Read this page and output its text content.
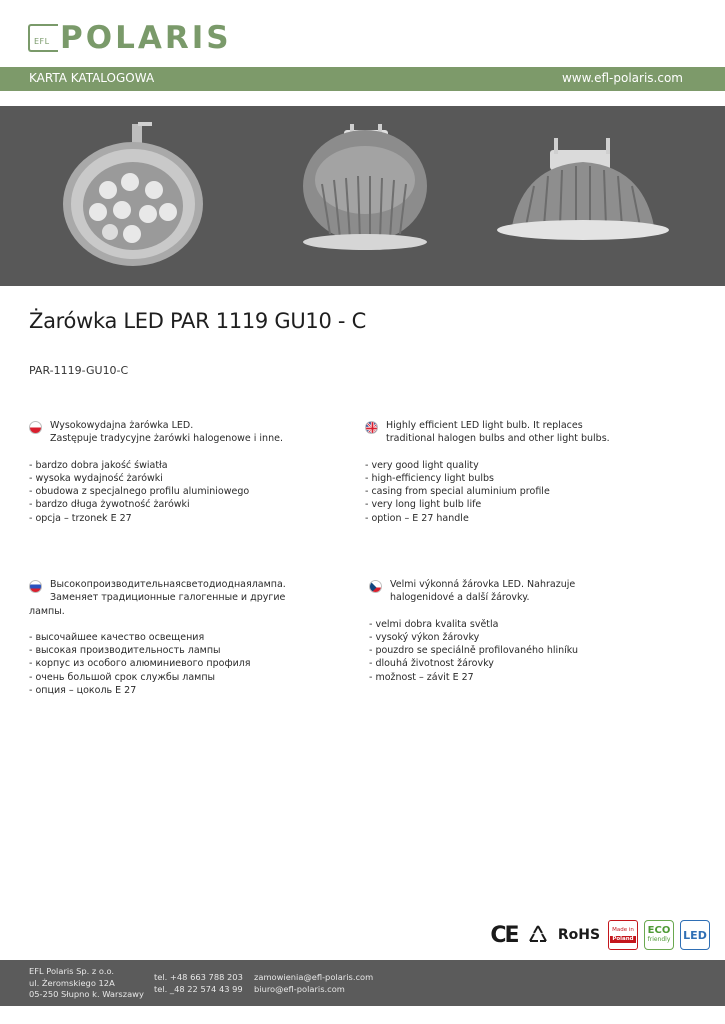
EFL POLARIS
KARTA KATALOGOWA	www.efl-polaris.com
Żarówka LED PAR 1119 GU10 - C
PAR-1119-GU10-C
Wysokowydajna żarówka LED.
Zastępuje tradycyjne żarówki halogenowe i inne.
- bardzo dobra jakość światła
- wysoka wydajność żarówki
- obudowa z specjalnego profilu aluminiowego
- bardzo długa żywotność żarówki
- opcja – trzonek E 27
Highly efficient LED light bulb. It replaces
traditional halogen bulbs and other light bulbs.
- very good light quality
- high-efficiency light bulbs
- casing from special aluminium profile
- very long light bulb life
- option – E 27 handle
Высокопроизводительнаясветодиоднаялампа.
Заменяет традиционные галогенные и другие
лампы.
- высочайшее качество освещения
- высокая производительность лампы
- корпус из особого алюминиевого профиля
- очень большой срок службы лампы
- опция – цоколь E 27
Velmi výkonná žárovka LED. Nahrazuje
halogenidové a další žárovky.
- velmi dobra kvalita světla
- vysoký výkon žárovky
- pouzdro se speciálně profilovaného hliníku
- dlouhá životnost žárovky
- možnost – závit E 27
CE	RoHS	Made in
Poland
ECO
friendly LED
EFL Polaris Sp. z o.o.
ul. Żeromskiego 12A
05-250 Słupno k. Warszawy
tel. +48 663 788 203
tel. _48 22 574 43 99
zamowienia@efl-polaris.com
biuro@efl-polaris.com
